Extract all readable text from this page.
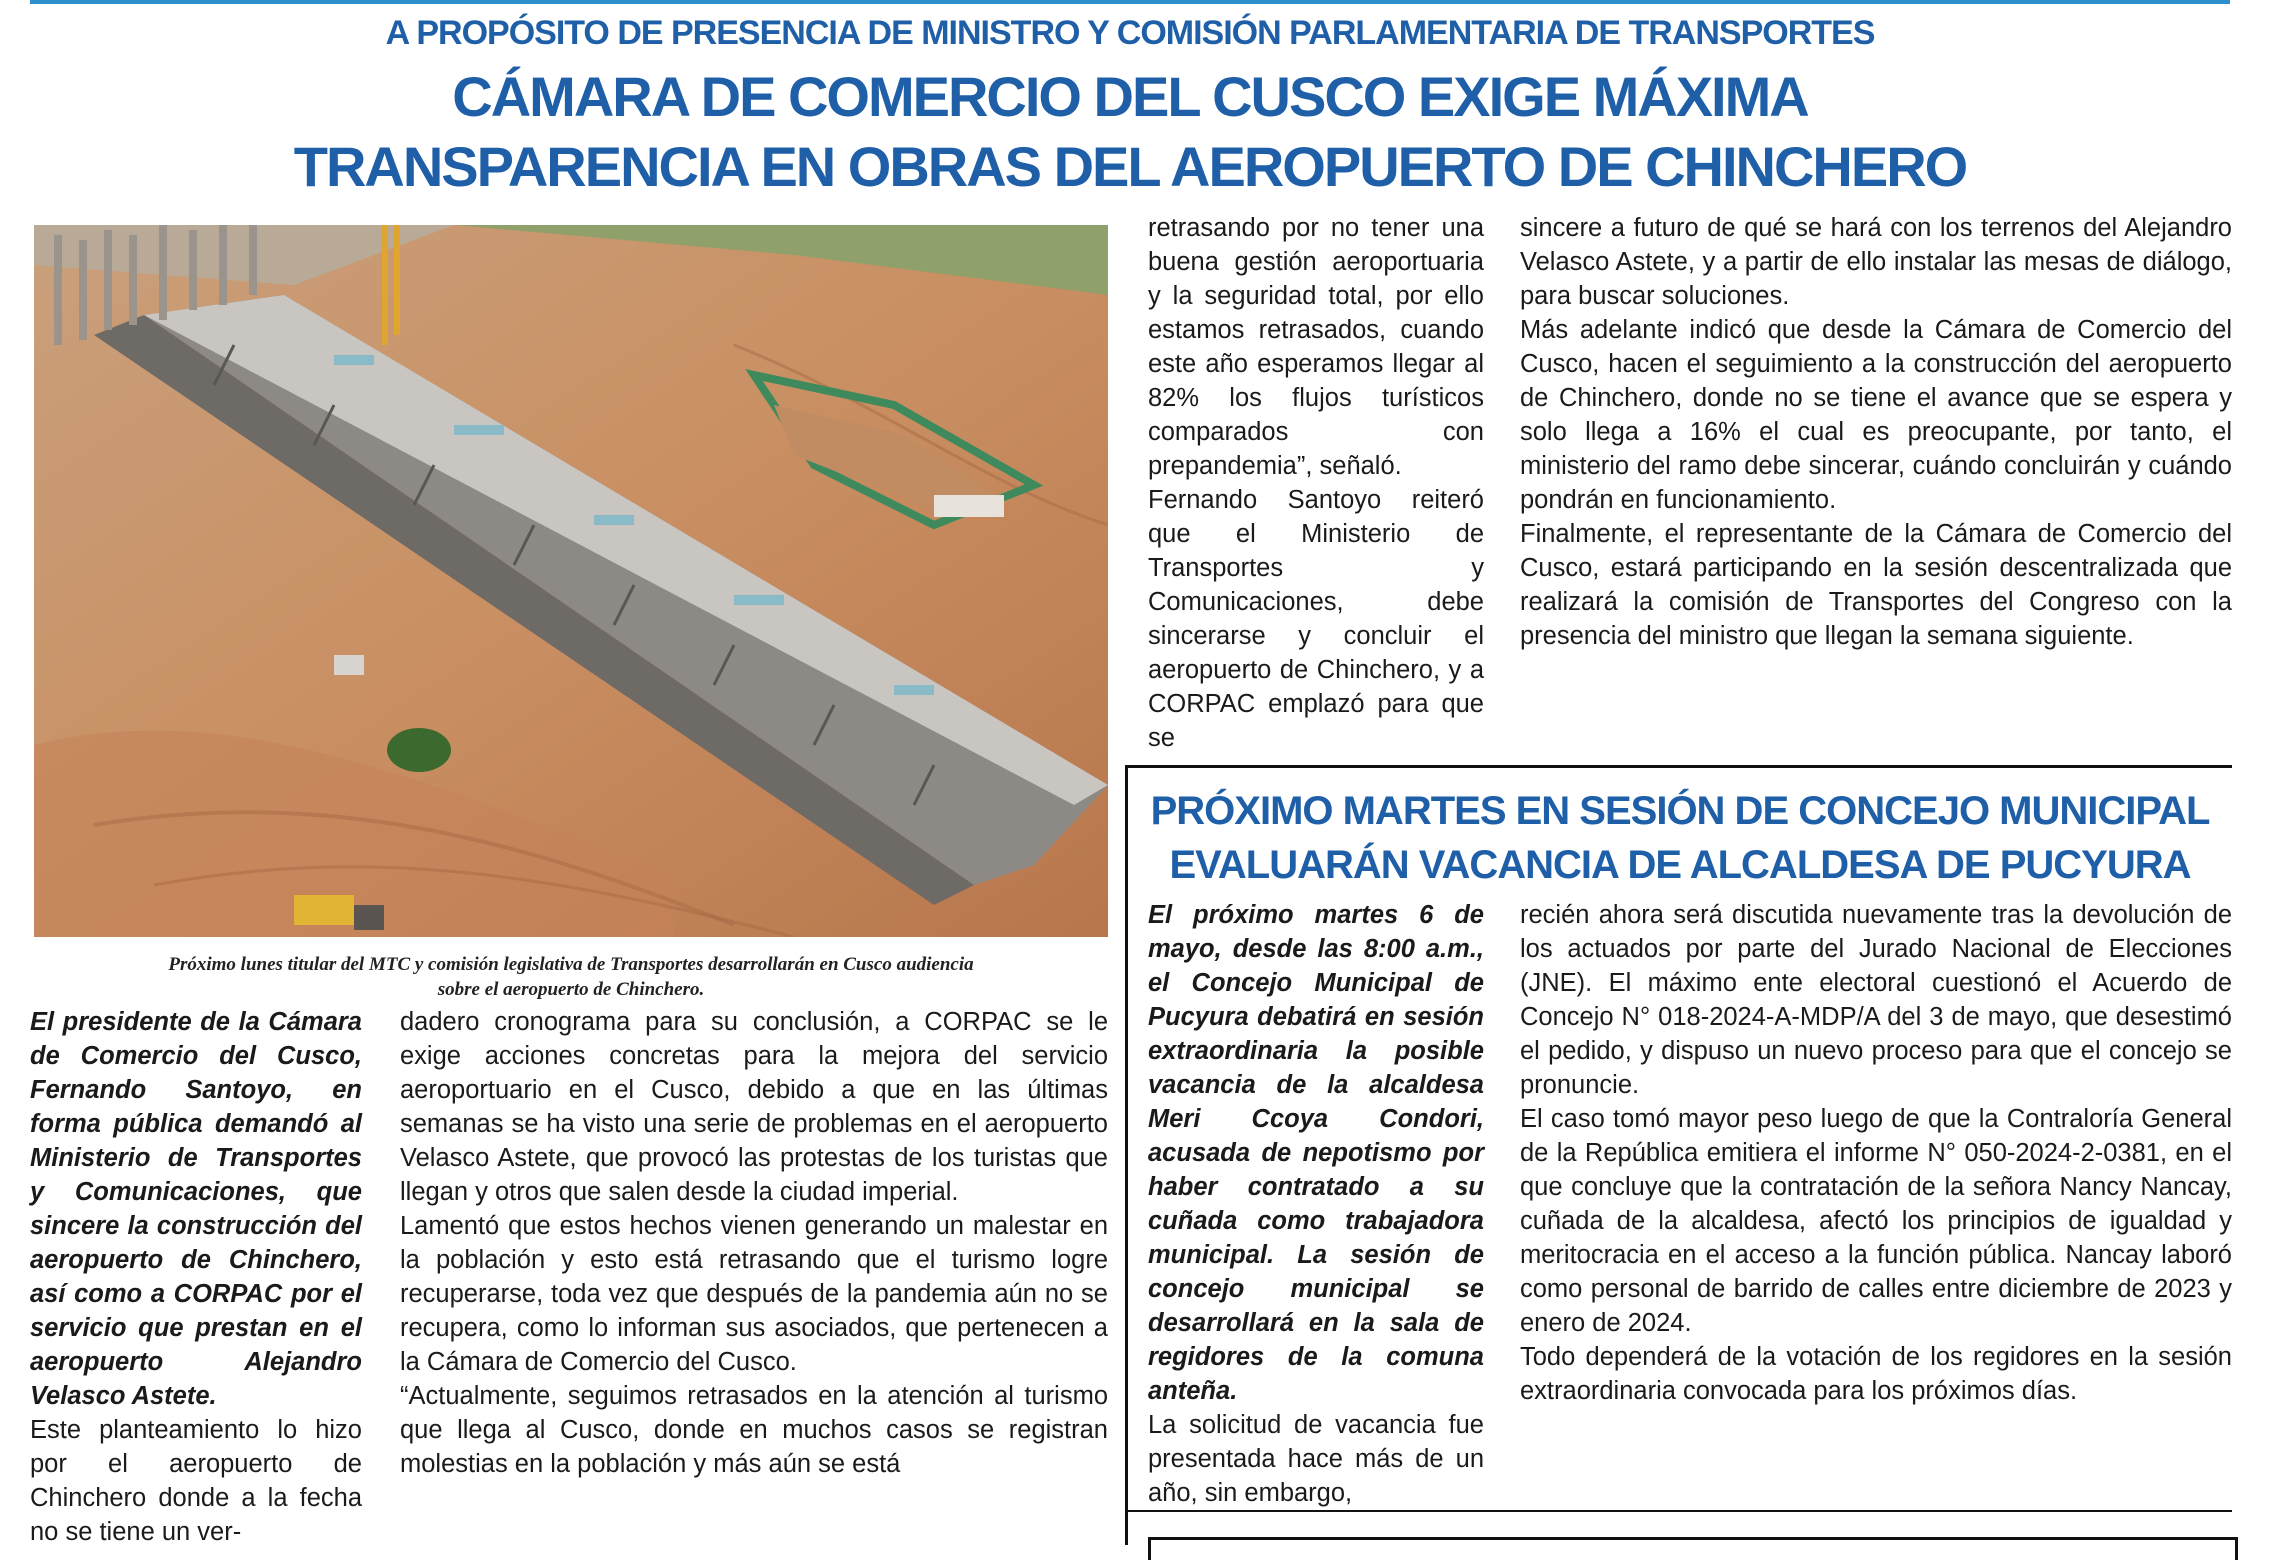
A PROPÓSITO DE PRESENCIA DE MINISTRO Y COMISIÓN PARLAMENTARIA DE TRANSPORTES
CÁMARA DE COMERCIO DEL CUSCO EXIGE MÁXIMA
TRANSPARENCIA EN OBRAS DEL AEROPUERTO DE CHINCHERO
Próximo lunes titular del MTC y comisión legislativa de Transportes desarrollarán en Cusco audiencia
sobre el aeropuerto de Chinchero.

El presidente de la Cámara de Comercio del Cusco, Fernando Santoyo, en forma pública demandó al Ministerio de Transportes y Comunicaciones, que sincere la construcción del aeropuerto de Chinchero, así como a CORPAC por el servicio que prestan en el aeropuerto Alejandro Velasco Astete.

Este planteamiento lo hizo por el aeropuerto de Chinchero donde a la fecha no se tiene un ver-

dadero cronograma para su conclusión, a CORPAC se le exige acciones concretas para la mejora del servicio aeroportuario en el Cusco, debido a que en las últimas semanas se ha visto una serie de problemas en el aeropuerto Velasco Astete, que provocó las protestas de los turistas que llegan y otros que salen desde la ciudad imperial.

Lamentó que estos hechos vienen generando un malestar en la población y esto está retrasando que el turismo logre recuperarse, toda vez que después de la pandemia aún no se recupera, como lo informan sus asociados, que pertenecen a la Cámara de Comercio del Cusco.

“Actualmente, seguimos retrasados en la atención al turismo que llega al Cusco, donde en muchos casos se registran molestias en la población y más aún se está

retrasando por no tener una buena gestión aeroportuaria y la seguridad total, por ello estamos retrasados, cuando este año esperamos llegar al 82% los flujos turísticos comparados con prepandemia”, señaló.

Fernando Santoyo reiteró que el Ministerio de Transportes y Comunicaciones, debe sincerarse y concluir el aeropuerto de Chinchero, y a CORPAC emplazó para que se

sincere a futuro de qué se hará con los terrenos del Alejandro Velasco Astete, y a partir de ello instalar las mesas de diálogo, para buscar soluciones.

Más adelante indicó que desde la Cámara de Comercio del Cusco, hacen el seguimiento a la construcción del aeropuerto de Chinchero, donde no se tiene el avance que se espera y solo llega a 16% el cual es preocupante, por tanto, el ministerio del ramo debe sincerar, cuándo concluirán y cuándo pondrán en funcionamiento.

Finalmente, el representante de la Cámara de Comercio del Cusco, estará participando en la sesión descentralizada que realizará la comisión de Transportes del Congreso con la presencia del ministro que llegan la semana siguiente.

PRÓXIMO MARTES EN SESIÓN DE CONCEJO MUNICIPAL
EVALUARÁN VACANCIA DE ALCALDESA DE PUCYURA

El próximo martes 6 de mayo, desde las 8:00 a.m., el Concejo Municipal de Pucyura debatirá en sesión extraordinaria la posible vacancia de la alcaldesa Meri Ccoya Condori, acusada de nepotismo por haber contratado a su cuñada como trabajadora municipal. La sesión de concejo municipal se desarrollará en la sala de regidores de la comuna anteña.

La solicitud de vacancia fue presentada hace más de un año, sin embargo,

recién ahora será discutida nuevamente tras la devolución de los actuados por parte del Jurado Nacional de Elecciones (JNE). El máximo ente electoral cuestionó el Acuerdo de Concejo N° 018-2024-A-MDP/A del 3 de mayo, que desestimó el pedido, y dispuso un nuevo proceso para que el concejo se pronuncie.

El caso tomó mayor peso luego de que la Contraloría General de la República emitiera el informe N° 050-2024-2-0381, en el que concluye que la contratación de la señora Nancy Nancay, cuñada de la alcaldesa, afectó los principios de igualdad y meritocracia en el acceso a la función pública. Nancay laboró como personal de barrido de calles entre diciembre de 2023 y enero de 2024.

Todo dependerá de la votación de los regidores en la sesión extraordinaria convocada para los próximos días.
